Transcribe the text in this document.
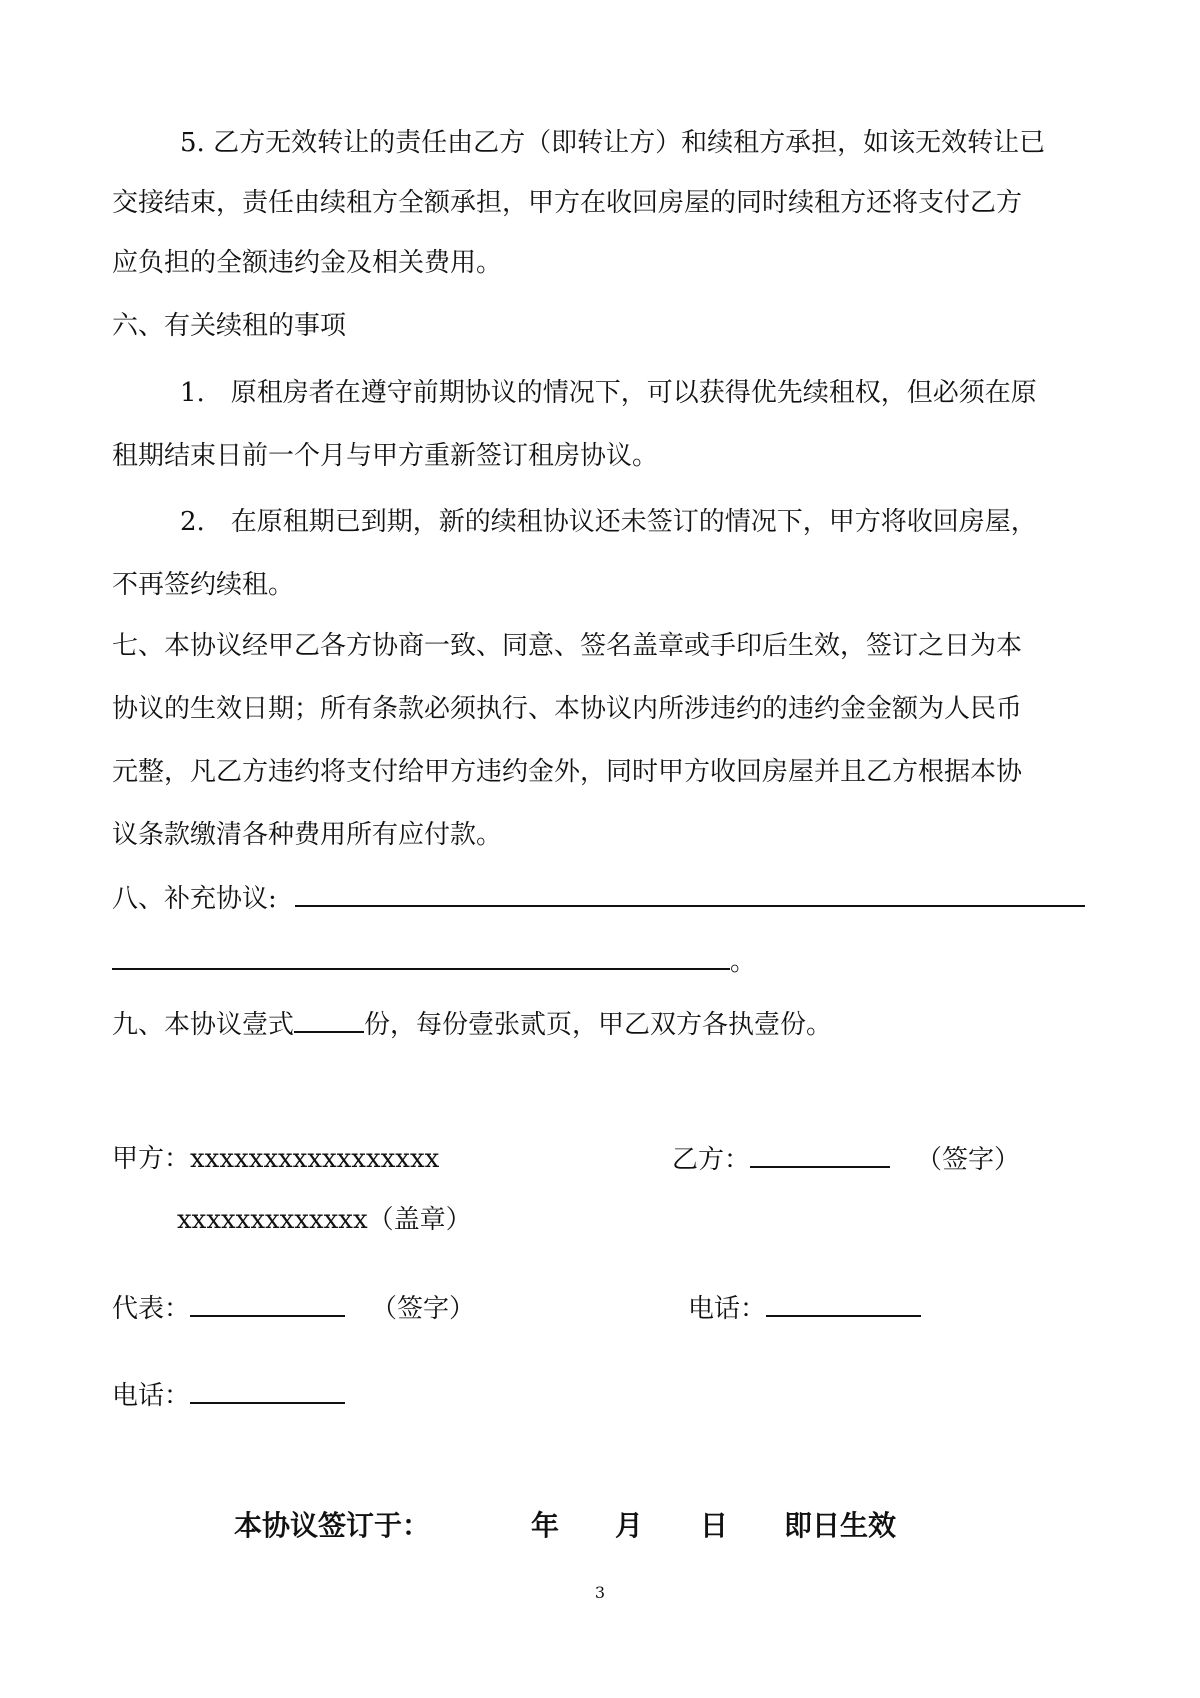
5. 乙方无效转让的责任由乙方（即转让方）和续租方承担，如该无效转让已
交接结束，责任由续租方全额承担，甲方在收回房屋的同时续租方还将支付乙方
应负担的全额违约金及相关费用。
六、有关续租的事项
1.　原租房者在遵守前期协议的情况下，可以获得优先续租权，但必须在原
租期结束日前一个月与甲方重新签订租房协议。
2.　在原租期已到期，新的续租协议还未签订的情况下，甲方将收回房屋，
不再签约续租。
七、本协议经甲乙各方协商一致、同意、签名盖章或手印后生效，签订之日为本
协议的生效日期；所有条款必须执行、本协议内所涉违约的违约金金额为人民币
元整，凡乙方违约将支付给甲方违约金外，同时甲方收回房屋并且乙方根据本协
议条款缴清各种费用所有应付款。
八、补充协议:
。
九、本协议壹式	份，每份壹张贰页，甲乙双方各执壹份。
甲方：xxxxxxxxxxxxxxxxx	乙方：	（签字）
xxxxxxxxxxxxx（盖章）
代表：	（签字）	电话：
电话：
本协议签订于：	年 月 日 即日生效
3
